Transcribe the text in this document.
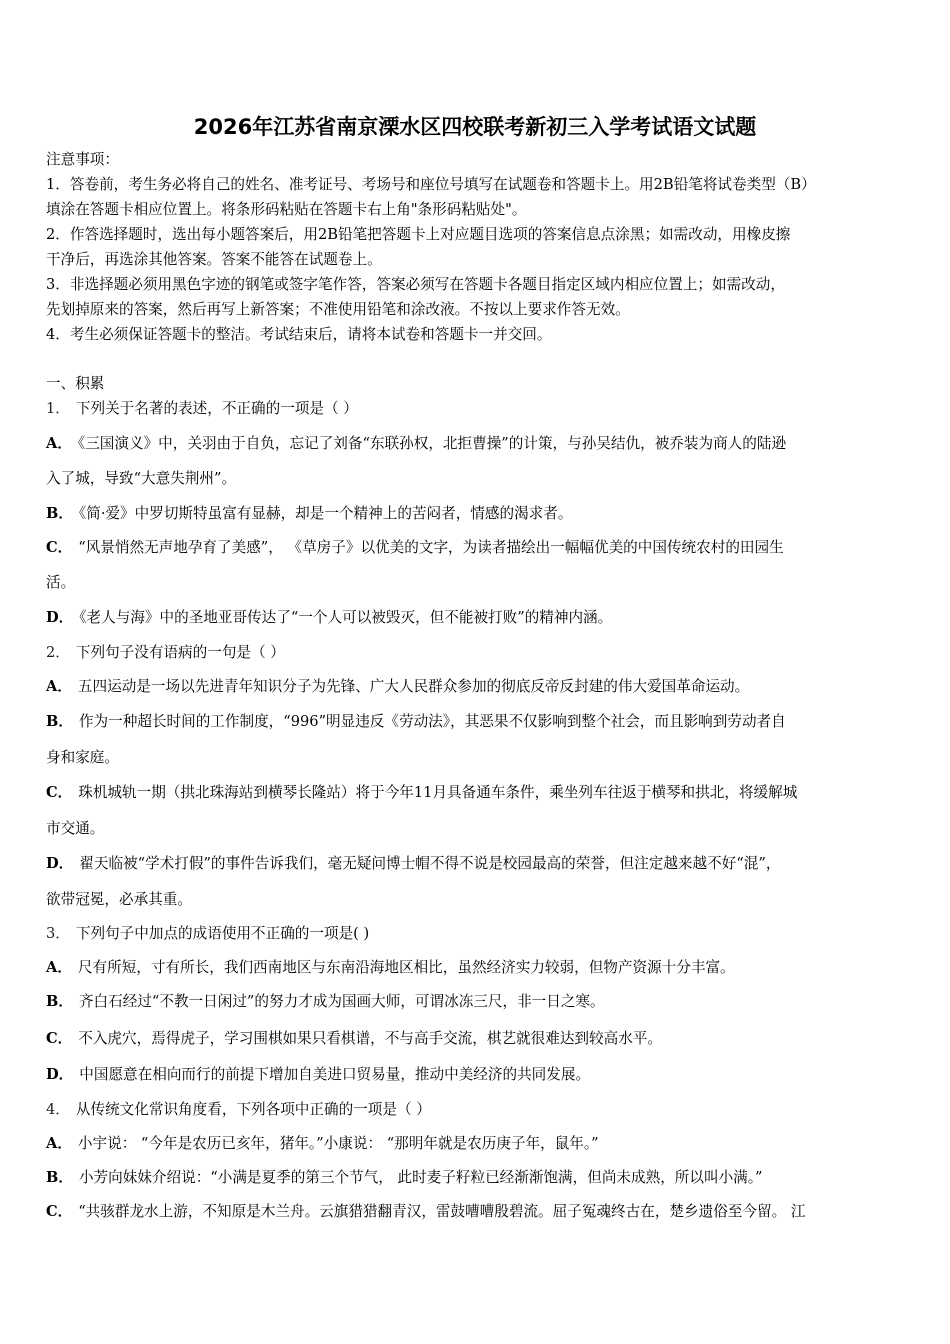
2026年江苏省南京溧水区四校联考新初三入学考试语文试题
注意事项：
1．答卷前，考生务必将自己的姓名、准考证号、考场号和座位号填写在试题卷和答题卡上。用2B铅笔将试卷类型（B）
填涂在答题卡相应位置上。将条形码粘贴在答题卡右上角"条形码粘贴处"。
2．作答选择题时，选出每小题答案后，用2B铅笔把答题卡上对应题目选项的答案信息点涂黑；如需改动，用橡皮擦
干净后，再选涂其他答案。答案不能答在试题卷上。
3．非选择题必须用黑色字迹的钢笔或签字笔作答，答案必须写在答题卡各题目指定区域内相应位置上；如需改动，
先划掉原来的答案，然后再写上新答案；不准使用铅笔和涂改液。不按以上要求作答无效。
4．考生必须保证答题卡的整洁。考试结束后，请将本试卷和答题卡一并交回。
一、积累
1． 下列关于名著的表述，不正确的一项是（ ）
A． 《三国演义》中，关羽由于自负，忘记了刘备“东联孙权，北拒曹操”的计策，与孙吴结仇，被乔装为商人的陆逊
入了城，导致“大意失荆州”。
B． 《简·爱》中罗切斯特虽富有显赫，却是一个精神上的苦闷者，情感的渴求者。
C． “风景悄然无声地孕育了美感”， 《草房子》以优美的文字，为读者描绘出一幅幅优美的中国传统农村的田园生
活。
D． 《老人与海》中的圣地亚哥传达了“一个人可以被毁灭，但不能被打败”的精神内涵。
2． 下列句子没有语病的一句是（ ）
A． 五四运动是一场以先进青年知识分子为先锋、广大人民群众参加的彻底反帝反封建的伟大爱国革命运动。
B． 作为一种超长时间的工作制度，“996”明显违反《劳动法》，其恶果不仅影响到整个社会，而且影响到劳动者自
身和家庭。
C． 珠机城轨一期（拱北珠海站到横琴长隆站）将于今年11月具备通车条件，乘坐列车往返于横琴和拱北，将缓解城
市交通。
D． 翟天临被“学术打假”的事件告诉我们，毫无疑问博士帽不得不说是校园最高的荣誉，但注定越来越不好“混”，
欲带冠冕，必承其重。
3． 下列句子中加点的成语使用不正确的一项是( )
A． 尺有所短，寸有所长，我们西南地区与东南沿海地区相比，虽然经济实力较弱，但物产资源十分丰富。
B． 齐白石经过“不教一日闲过”的努力才成为国画大师，可谓冰冻三尺，非一日之寒。
C． 不入虎穴，焉得虎子，学习围棋如果只看棋谱，不与高手交流，棋艺就很难达到较高水平。
D． 中国愿意在相向而行的前提下增加自美进口贸易量，推动中美经济的共同发展。
4． 从传统文化常识角度看，下列各项中正确的一项是（ ）
A． 小宇说： “今年是农历已亥年，猪年。”小康说： “那明年就是农历庚子年，鼠年。”
B． 小芳向妹妹介绍说：“小满是夏季的第三个节气， 此时麦子籽粒已经渐渐饱满，但尚未成熟，所以叫小满。”
C． “共骇群龙水上游，不知原是木兰舟。云旗猎猎翻青汉，雷鼓嘈嘈殷碧流。屈子冤魂终古在，楚乡遗俗至今留。 江
